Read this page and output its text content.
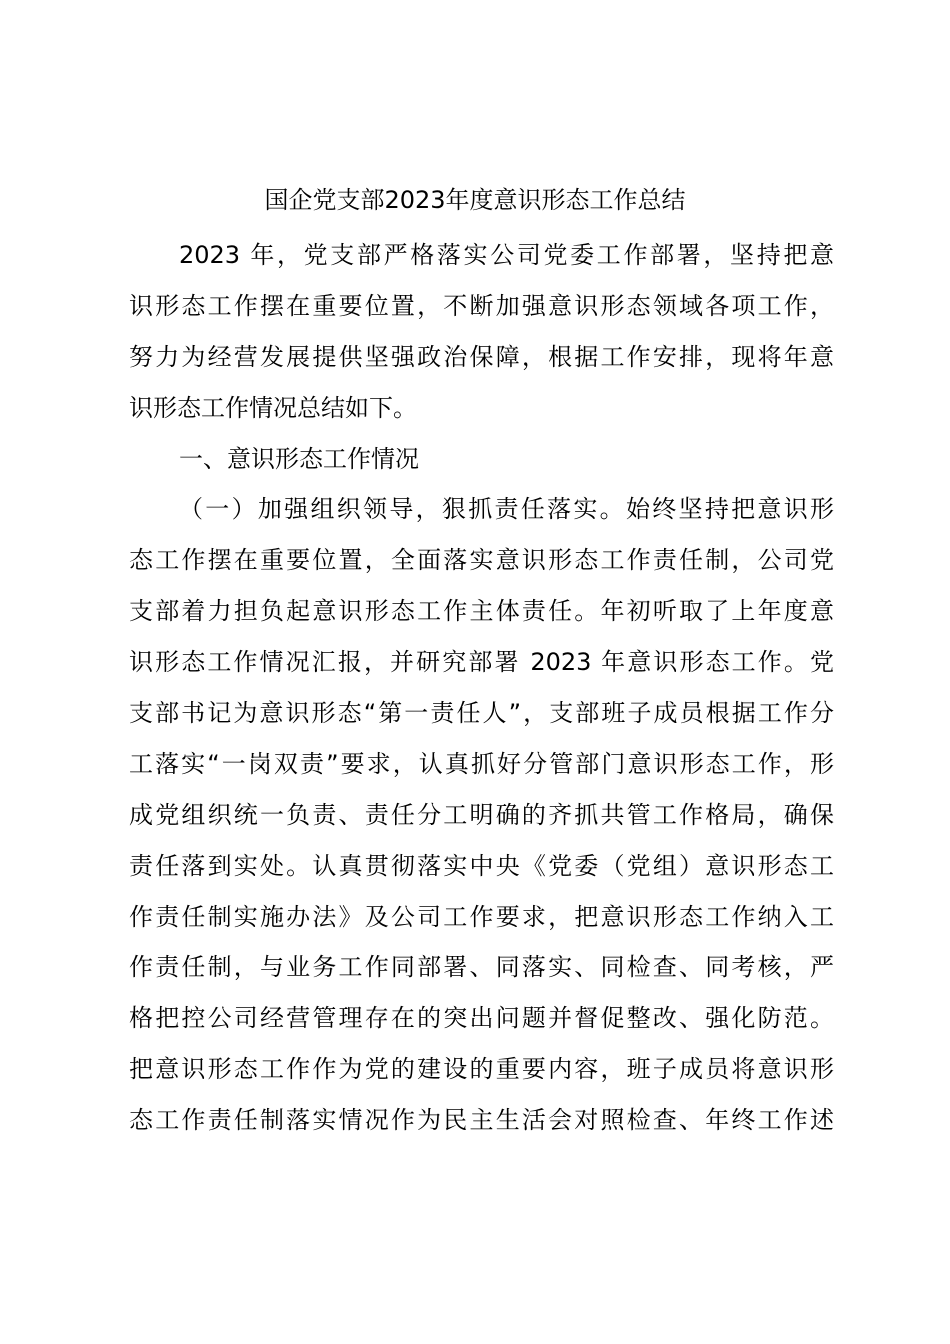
国企党支部2023年度意识形态工作总结
2023 年，党支部严格落实公司党委工作部署，坚持把意
识形态工作摆在重要位置，不断加强意识形态领域各项工作，
努力为经营发展提供坚强政治保障，根据工作安排，现将年意
识形态工作情况总结如下。
一、意识形态工作情况
（一）加强组织领导，狠抓责任落实。始终坚持把意识形
态工作摆在重要位置，全面落实意识形态工作责任制，公司党
支部着力担负起意识形态工作主体责任。年初听取了上年度意
识形态工作情况汇报，并研究部署 2023 年意识形态工作。党
支部书记为意识形态“第一责任人”，支部班子成员根据工作分
工落实“一岗双责”要求，认真抓好分管部门意识形态工作，形
成党组织统一负责、责任分工明确的齐抓共管工作格局，确保
责任落到实处。认真贯彻落实中央《党委（党组）意识形态工
作责任制实施办法》及公司工作要求，把意识形态工作纳入工
作责任制，与业务工作同部署、同落实、同检查、同考核，严
格把控公司经营管理存在的突出问题并督促整改、强化防范。
把意识形态工作作为党的建设的重要内容，班子成员将意识形
态工作责任制落实情况作为民主生活会对照检查、年终工作述
